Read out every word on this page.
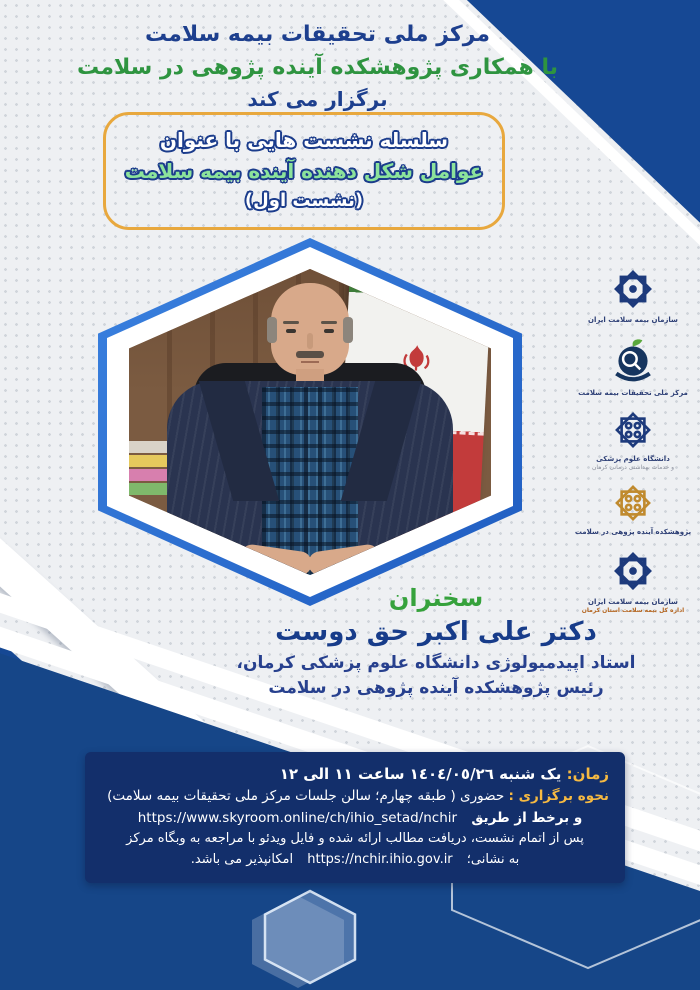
مرکز ملی تحقیقات بیمه سلامت
با همکاری پژوهشکده آینده پژوهی در سلامت
برگزار می کند
سلسله نشست هایی با عنوان
عوامل شکل دهنده آینده بیمه سلامت
(نشست اول)
سازمان بیمه سلامت ایران
مرکز ملی تحقیقات بیمه سلامت
دانشگاه علوم پزشکی
و خدمات بهداشتی درمانی کرمان
پژوهشکده آینده پژوهی در سلامت
سازمان بیمه سلامت ایران
اداره کل بیمه سلامت استان کرمان
سخنران
دکتر علی اکبر حق دوست
استاد اپیدمیولوژی دانشگاه علوم پزشکی کرمان،
رئیس پژوهشکده آینده پژوهی در سلامت
زمان: یک شنبه ١٤٠٤/٠٥/٢٦ ساعت ١١ الی ١٢
نحوه برگزاری : حضوری ( طبقه چهارم؛ سالن جلسات مرکز ملی تحقیقات بیمه سلامت)
و برخط از طریق https://www.skyroom.online/ch/ihio_setad/nchir
پس از اتمام نشست، دریافت مطالب ارائه شده و فایل ویدئو با مراجعه به وبگاه مرکز
به نشانی؛ https://nchir.ihio.gov.ir امکانپذیر می باشد.
